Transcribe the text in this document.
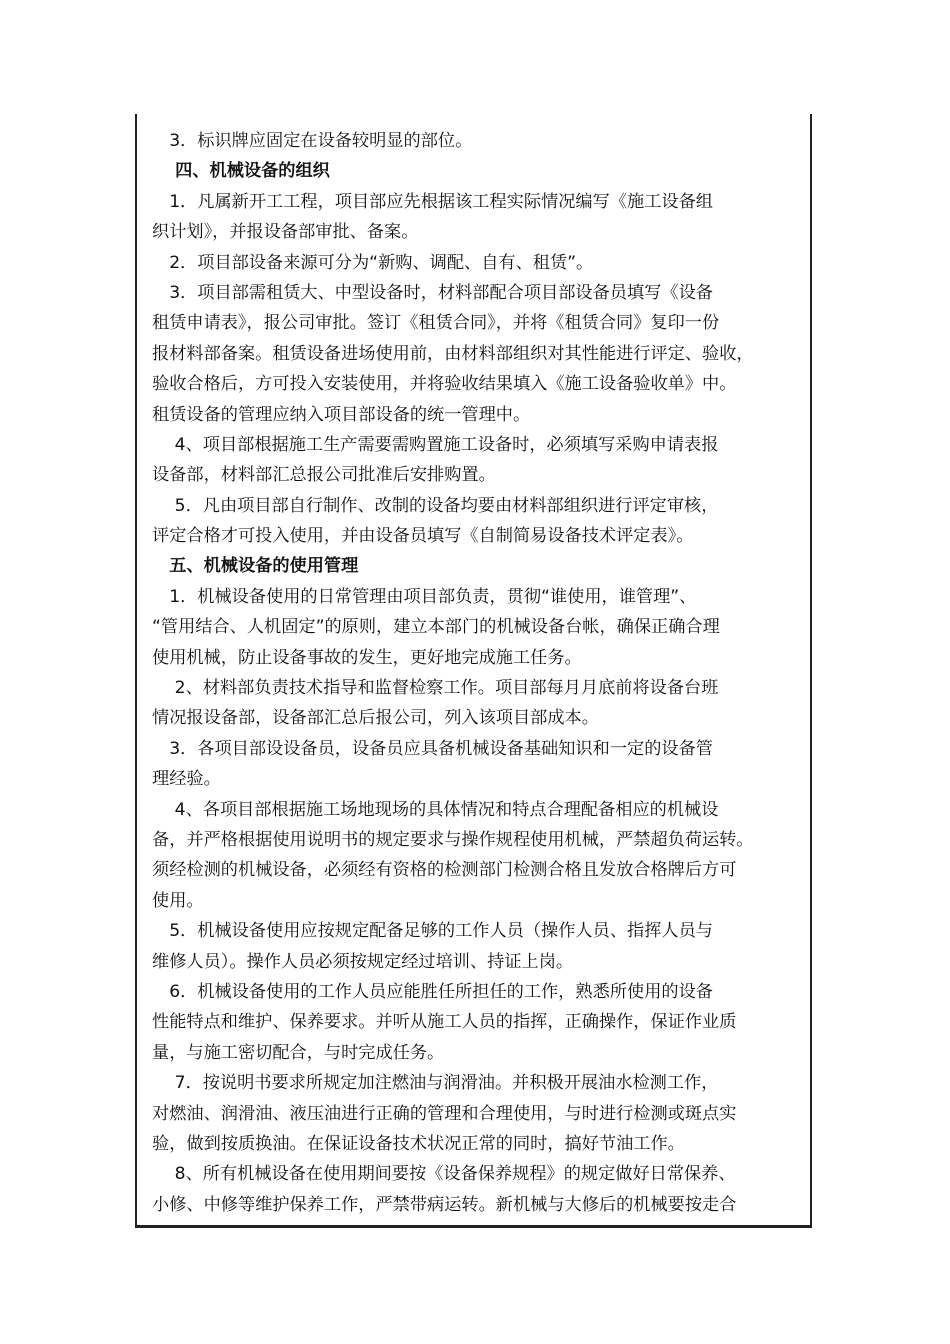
　3．标识牌应固定在设备较明显的部位。
　 四、机械设备的组织
　1．凡属新开工工程，项目部应先根据该工程实际情况编写《施工设备组
织计划》，并报设备部审批、备案。
　2．项目部设备来源可分为“新购、调配、自有、租赁”。
　3．项目部需租赁大、中型设备时，材料部配合项目部设备员填写《设备
租赁申请表》，报公司审批。签订《租赁合同》，并将《租赁合同》复印一份
报材料部备案。租赁设备进场使用前，由材料部组织对其性能进行评定、验收，
验收合格后，方可投入安装使用，并将验收结果填入《施工设备验收单》中。
租赁设备的管理应纳入项目部设备的统一管理中。
　 4、项目部根据施工生产需要需购置施工设备时，必须填写采购申请表报
设备部，材料部汇总报公司批准后安排购置。
　 5．凡由项目部自行制作、改制的设备均要由材料部组织进行评定审核，
评定合格才可投入使用，并由设备员填写《自制简易设备技术评定表》。
　五、机械设备的使用管理
　1．机械设备使用的日常管理由项目部负责，贯彻“谁使用，谁管理”、
“管用结合、人机固定”的原则，建立本部门的机械设备台帐，确保正确合理
使用机械，防止设备事故的发生，更好地完成施工任务。
　 2、材料部负责技术指导和监督检察工作。项目部每月月底前将设备台班
情况报设备部，设备部汇总后报公司，列入该项目部成本。
　3．各项目部设设备员，设备员应具备机械设备基础知识和一定的设备管
理经验。
　 4、各项目部根据施工场地现场的具体情况和特点合理配备相应的机械设
备，并严格根据使用说明书的规定要求与操作规程使用机械，严禁超负荷运转。
须经检测的机械设备，必须经有资格的检测部门检测合格且发放合格牌后方可
使用。
　5．机械设备使用应按规定配备足够的工作人员（操作人员、指挥人员与
维修人员）。操作人员必须按规定经过培训、持证上岗。
　6．机械设备使用的工作人员应能胜任所担任的工作，熟悉所使用的设备
性能特点和维护、保养要求。并听从施工人员的指挥，正确操作，保证作业质
量，与施工密切配合，与时完成任务。
　 7．按说明书要求所规定加注燃油与润滑油。并积极开展油水检测工作，
对燃油、润滑油、液压油进行正确的管理和合理使用，与时进行检测或斑点实
验，做到按质换油。在保证设备技术状况正常的同时，搞好节油工作。
　 8、所有机械设备在使用期间要按《设备保养规程》的规定做好日常保养、
小修、中修等维护保养工作，严禁带病运转。新机械与大修后的机械要按走合
